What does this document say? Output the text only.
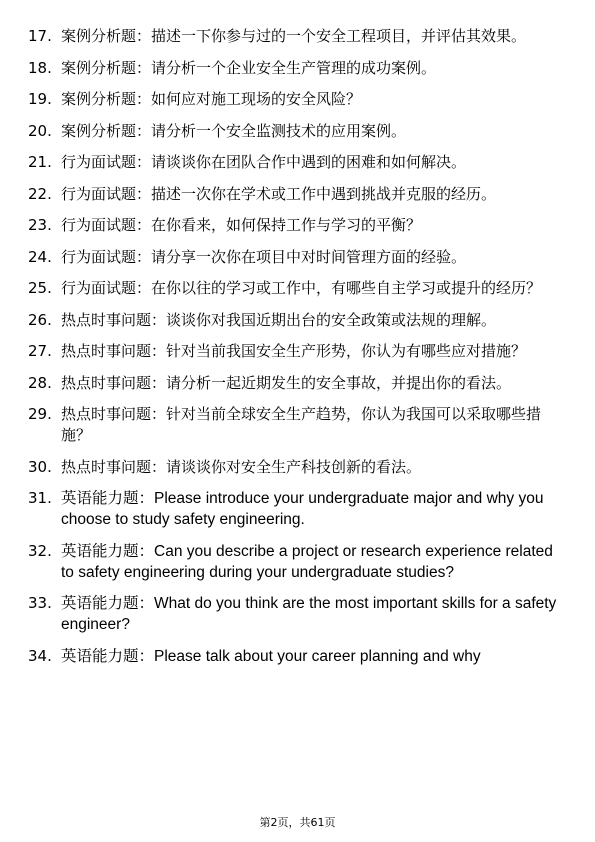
17. 案例分析题：描述一下你参与过的一个安全工程项目，并评估其效果。
18. 案例分析题：请分析一个企业安全生产管理的成功案例。
19. 案例分析题：如何应对施工现场的安全风险？
20. 案例分析题：请分析一个安全监测技术的应用案例。
21. 行为面试题：请谈谈你在团队合作中遇到的困难和如何解决。
22. 行为面试题：描述一次你在学术或工作中遇到挑战并克服的经历。
23. 行为面试题：在你看来，如何保持工作与学习的平衡？
24. 行为面试题：请分享一次你在项目中对时间管理方面的经验。
25. 行为面试题：在你以往的学习或工作中，有哪些自主学习或提升的经历？
26. 热点时事问题：谈谈你对我国近期出台的安全政策或法规的理解。
27. 热点时事问题：针对当前我国安全生产形势，你认为有哪些应对措施？
28. 热点时事问题：请分析一起近期发生的安全事故，并提出你的看法。
29. 热点时事问题：针对当前全球安全生产趋势，你认为我国可以采取哪些措施？
30. 热点时事问题：请谈谈你对安全生产科技创新的看法。
31. 英语能力题：Please introduce your undergraduate major and why you choose to study safety engineering.
32. 英语能力题：Can you describe a project or research experience related to safety engineering during your undergraduate studies?
33. 英语能力题：What do you think are the most important skills for a safety engineer?
34. 英语能力题：Please talk about your career planning and why
第2页，共61页
